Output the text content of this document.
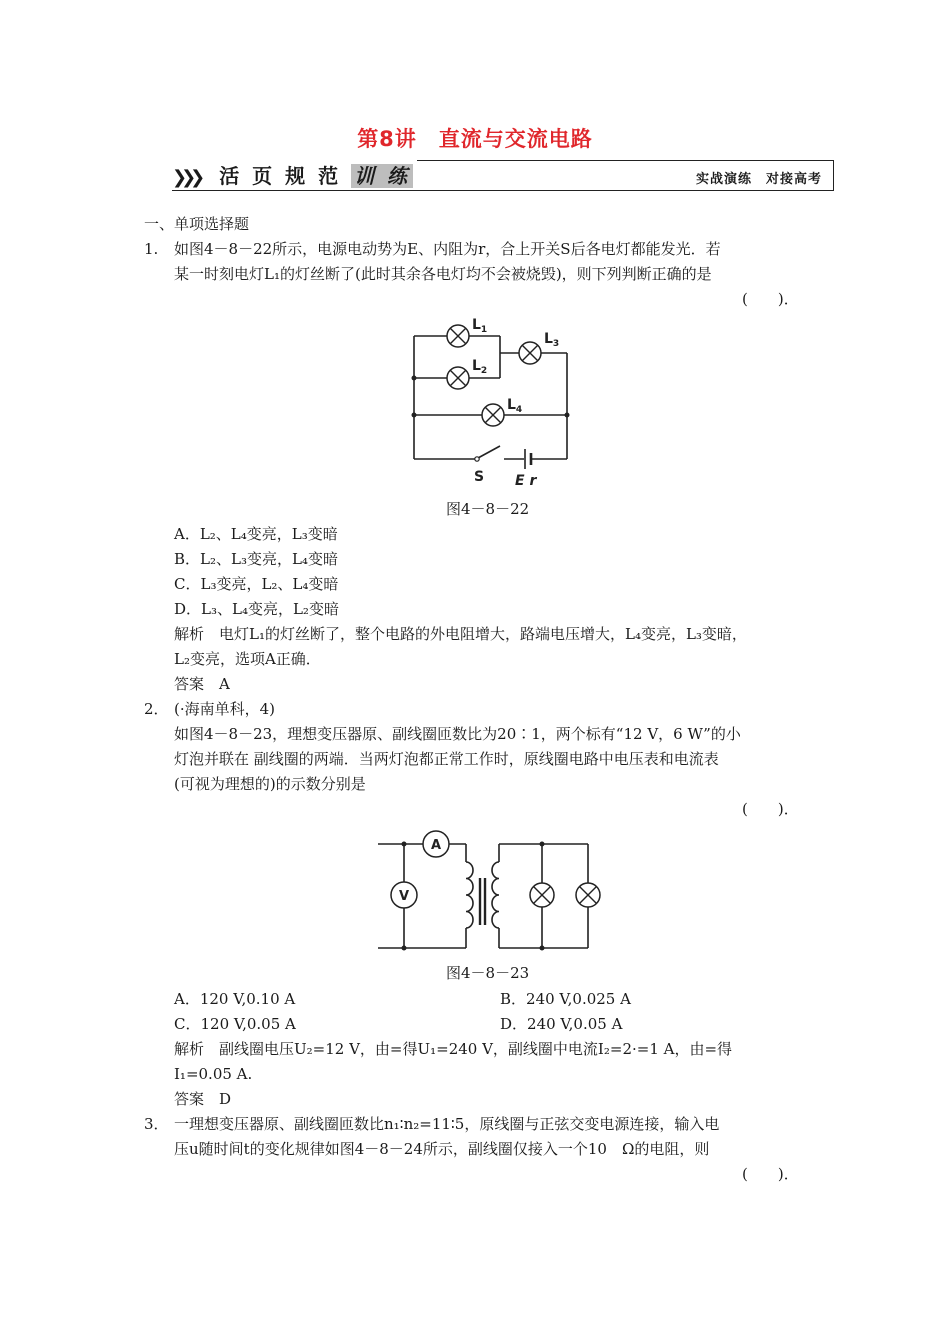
第8讲　直流与交流电路
❯❯❯ 活 页 规 范 训 练	实战演练　对接高考
一、单项选择题
1. 如图4－8－22所示，电源电动势为E、内阻为r，合上开关S后各电灯都能发光．若
某一时刻电灯L₁的灯丝断了(此时其余各电灯均不会被烧毁)，则下列判断正确的是
(　　)．
$L_1$
$L_2$
$L_3$
$L_4$
S E r
图4－8－22
A．L₂、L₄变亮，L₃变暗
B．L₂、L₃变亮，L₄变暗
C．L₃变亮，L₂、L₄变暗
D．L₃、L₄变亮，L₂变暗
解析　电灯L₁的灯丝断了，整个电路的外电阻增大，路端电压增大，L₄变亮，L₃变暗，
L₂变亮，选项A正确．
答案　A
2． (·海南单科，4)
如图4－8－23，理想变压器原、副线圈匝数比为20∶1，两个标有“12 V，6 W”的小
灯泡并联在 副线圈的两端．当两灯泡都正常工作时，原线圈电路中电压表和电流表
(可视为理想的)的示数分别是
(　　)．
A
V
图4－8－23
A．120 V,0.10 A	B．240 V,0.025 A
C．120 V,0.05 A	D．240 V,0.05 A
解析　副线圈电压U₂=12 V，由=得U₁=240 V，副线圈中电流I₂=2·=1 A，由=得
I₁=0.05 A.
答案　D
3． 一理想变压器原、副线圈匝数比n₁∶n₂=11∶5，原线圈与正弦交变电源连接，输入电
压u随时间t的变化规律如图4－8－24所示，副线圈仅接入一个10　Ω的电阻，则
(　　)．
